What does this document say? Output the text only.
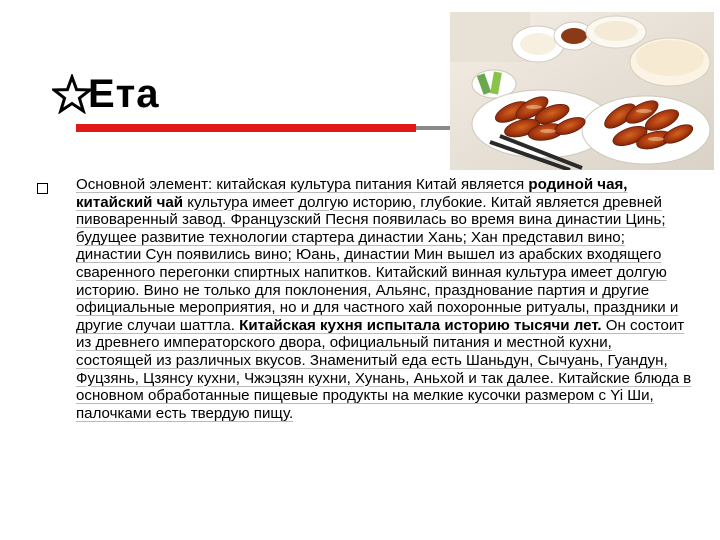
Ета
Основной элемент: китайская культура питания Китай является родиной чая, китайский чай культура имеет долгую историю, глубокие. Китай является древней пивоваренный завод. Французский Песня появилась во время вина династии Цинь; будущее развитие технологии стартера династии Хань; Хан представил вино; династии Сун появились вино; Юань, династии Мин вышел из арабских входящего сваренного перегонки спиртных напитков. Китайский винная культура имеет долгую историю. Вино не только для поклонения, Альянс, празднование партия и другие официальные мероприятия, но и для частного хай похоронные ритуалы, праздники и другие случаи шаттла. Китайская кухня испытала историю тысячи лет. Он состоит из древнего императорского двора, официальный питания и местной кухни, состоящей из различных вкусов. Знаменитый еда есть Шаньдун, Сычуань, Гуандун, Фуцзянь, Цзянсу кухни, Чжэцзян кухни, Хунань, Аньхой и так далее. Китайские блюда в основном обработанные пищевые продукты на мелкие кусочки размером с Yi Ши, палочками есть твердую пищу.
